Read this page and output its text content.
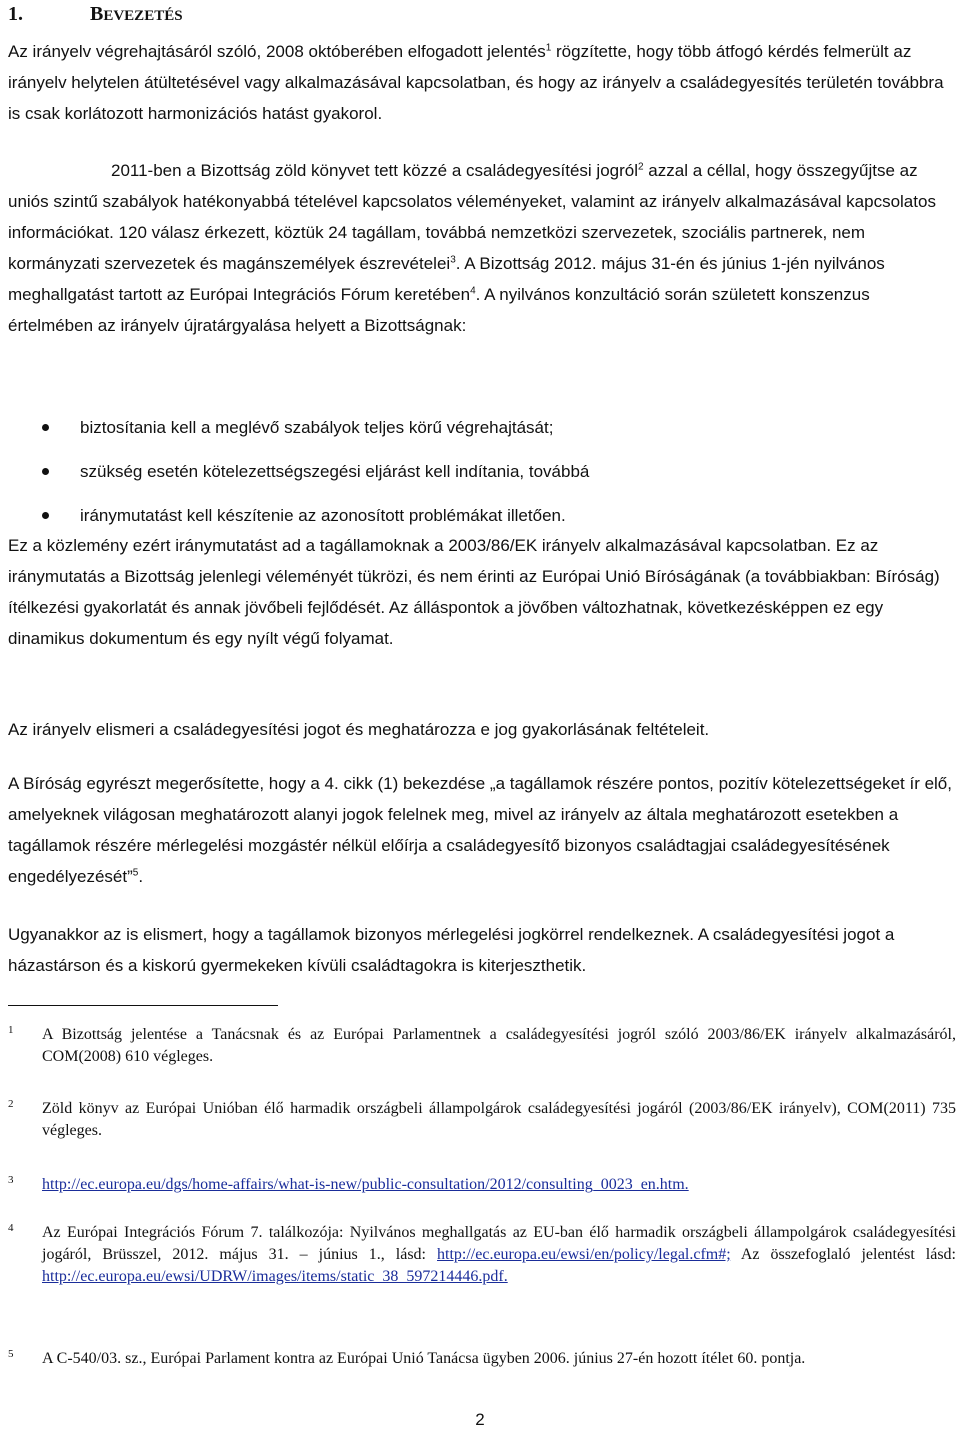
1.	BEVEZETÉS

Az irányelv végrehajtásáról szóló, 2008 októberében elfogadott jelentés$^1$ rögzítette, hogy több átfogó kérdés felmerült az irányelv helytelen átültetésével vagy alkalmazásával kapcsolatban, és hogy az irányelv a családegyesítés területén továbbra is csak korlátozott harmonizációs hatást gyakorol.

2011-ben a Bizottság zöld könyvet tett közzé a családegyesítési jogról$^2$ azzal a céllal, hogy összegyűjtse az uniós szintű szabályok hatékonyabbá tételével kapcsolatos véleményeket, valamint az irányelv alkalmazásával kapcsolatos információkat. 120 válasz érkezett, köztük 24 tagállam, továbbá nemzetközi szervezetek, szociális partnerek, nem kormányzati szervezetek és magánszemélyek észrevételei$^3$. A Bizottság 2012. május 31-én és június 1-jén nyilvános meghallgatást tartott az Európai Integrációs Fórum keretében$^4$. A nyilvános konzultáció során született konszenzus értelmében az irányelv újratárgyalása helyett a Bizottságnak:

biztosítania kell a meglévő szabályok teljes körű végrehajtását;
szükség esetén kötelezettségszegési eljárást kell indítania, továbbá
iránymutatást kell készítenie az azonosított problémákat illetően.

Ez a közlemény ezért iránymutatást ad a tagállamoknak a 2003/86/EK irányelv alkalmazásával kapcsolatban. Ez az iránymutatás a Bizottság jelenlegi véleményét tükrözi, és nem érinti az Európai Unió Bíróságának (a továbbiakban: Bíróság) ítélkezési gyakorlatát és annak jövőbeli fejlődését. Az álláspontok a jövőben változhatnak, következésképpen ez egy dinamikus dokumentum és egy nyílt végű folyamat.

Az irányelv elismeri a családegyesítési jogot és meghatározza e jog gyakorlásának feltételeit.

A Bíróság egyrészt megerősítette, hogy a 4. cikk (1) bekezdése „a tagállamok részére pontos, pozitív kötelezettségeket ír elő, amelyeknek világosan meghatározott alanyi jogok felelnek meg, mivel az irányelv az általa meghatározott esetekben a tagállamok részére mérlegelési mozgástér nélkül előírja a családegyesítő bizonyos családtagjai családegyesítésének engedélyezését”$^5$.

Ugyanakkor az is elismert, hogy a tagállamok bizonyos mérlegelési jogkörrel rendelkeznek. A családegyesítési jogot a házastárson és a kiskorú gyermekeken kívüli családtagokra is kiterjeszthetik.

1 A Bizottság jelentése a Tanácsnak és az Európai Parlamentnek a családegyesítési jogról szóló 2003/86/EK irányelv alkalmazásáról, COM(2008) 610 végleges.
2 Zöld könyv az Európai Unióban élő harmadik országbeli állampolgárok családegyesítési jogáról (2003/86/EK irányelv), COM(2011) 735 végleges.
3 http://ec.europa.eu/dgs/home-affairs/what-is-new/public-consultation/2012/consulting_0023_en.htm.
4 Az Európai Integrációs Fórum 7. találkozója: Nyilvános meghallgatás az EU-ban élő harmadik országbeli állampolgárok családegyesítési jogáról, Brüsszel, 2012. május 31. – június 1., lásd: http://ec.europa.eu/ewsi/en/policy/legal.cfm#; Az összefoglaló jelentést lásd: http://ec.europa.eu/ewsi/UDRW/images/items/static_38_597214446.pdf.
5 A C-540/03. sz., Európai Parlament kontra az Európai Unió Tanácsa ügyben 2006. június 27-én hozott ítélet 60. pontja.
2
